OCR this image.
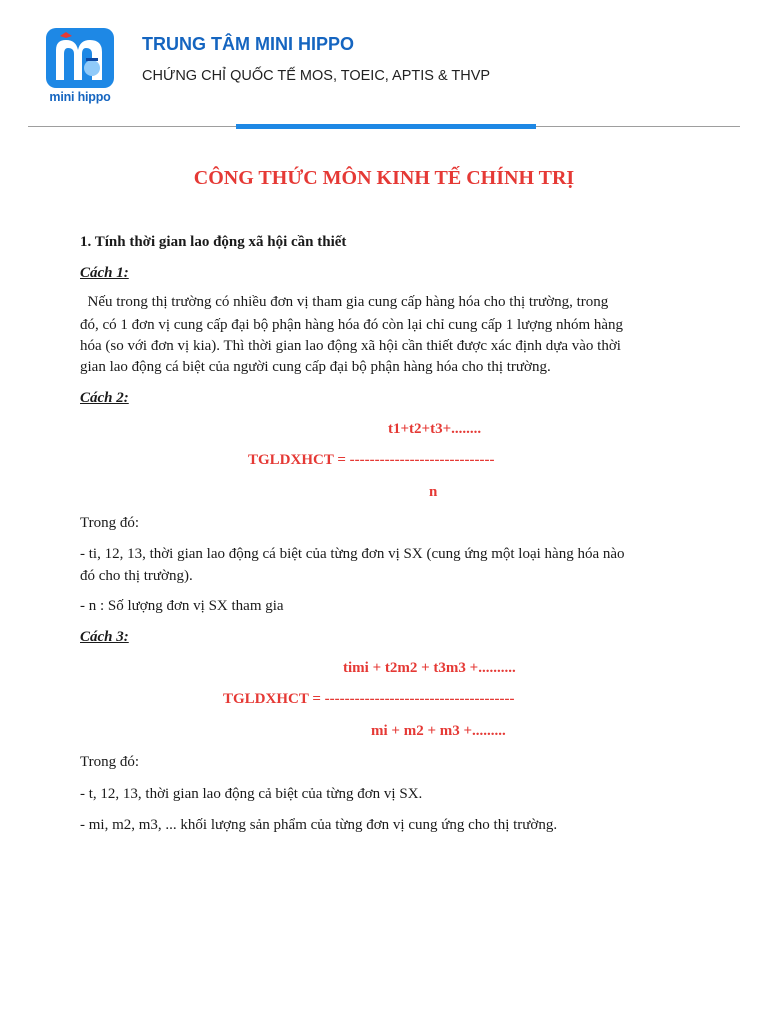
mini hippo
TRUNG TÂM MINI HIPPO
CHỨNG CHỈ QUỐC TẾ MOS, TOEIC, APTIS & THVP
CÔNG THỨC MÔN KINH TẾ CHÍNH TRỊ
1. Tính thời gian lao động xã hội cần thiết
Cách 1:
Nếu trong thị trường có nhiều đơn vị tham gia cung cấp hàng hóa cho thị trường, trong
đó, có 1 đơn vị cung cấp đại bộ phận hàng hóa đó còn lại chỉ cung cấp 1 lượng nhóm hàng
hóa (so với đơn vị kia). Thì thời gian lao động xã hội cần thiết được xác định dựa vào thời
gian lao động cá biệt của người cung cấp đại bộ phận hàng hóa cho thị trường.
Cách 2:
t1+t2+t3+........
TGLDXHCT = -----------------------------
n
Trong đó:
- ti, 12, 13, thời gian lao động cá biệt của từng đơn vị SX (cung ứng một loại hàng hóa nào
đó cho thị trường).
- n : Số lượng đơn vị SX tham gia
Cách 3:
timi + t2m2 + t3m3 +..........
TGLDXHCT = --------------------------------------
mi + m2 + m3 +.........
Trong đó:
- t, 12, 13, thời gian lao động cả biệt của từng đơn vị SX.
- mi, m2, m3, ... khối lượng sản phẩm của từng đơn vị cung ứng cho thị trường.
